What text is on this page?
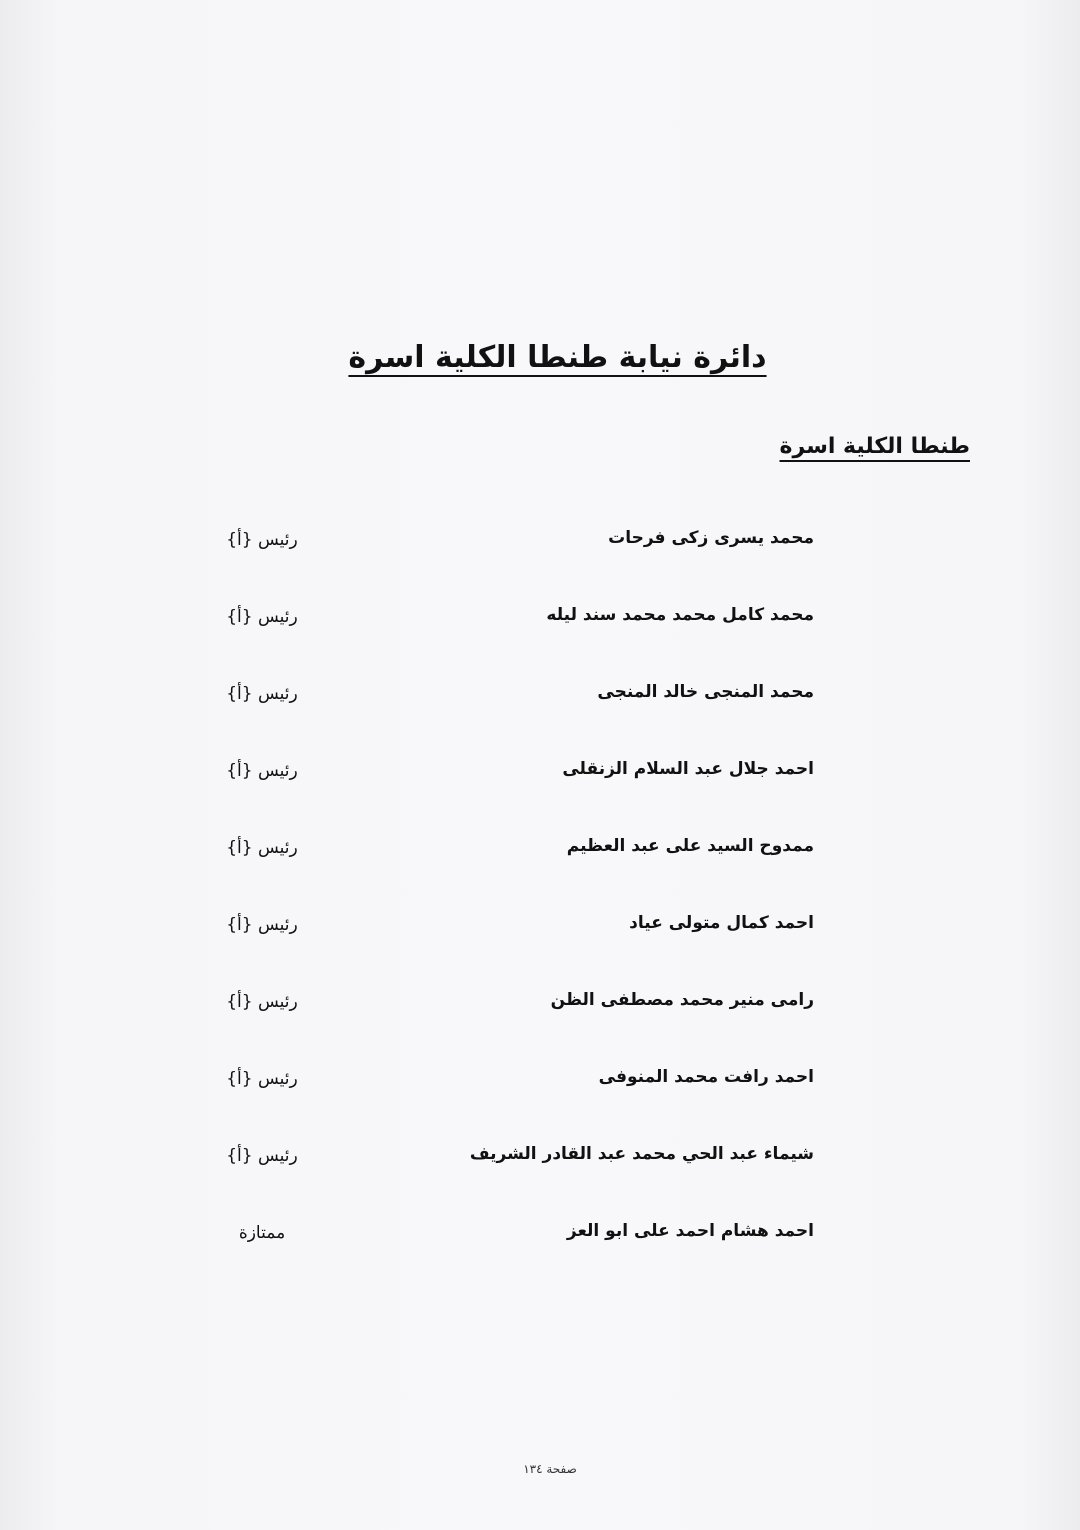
دائرة نيابة طنطا الكلية اسرة
طنطا الكلية اسرة
محمد يسرى زكى فرحات
رئيس {أ}
محمد كامل محمد محمد سند ليله
رئيس {أ}
محمد المنجى خالد المنجى
رئيس {أ}
احمد جلال عبد السلام الزنقلى
رئيس {أ}
ممدوح السيد على عبد العظيم
رئيس {أ}
احمد كمال متولى عياد
رئيس {أ}
رامى منير محمد مصطفى الظن
رئيس {أ}
احمد رافت محمد المنوفى
رئيس {أ}
شيماء عبد الحي محمد عبد القادر الشريف
رئيس {أ}
احمد هشام احمد على ابو العز
ممتازة
صفحة ١٣٤
